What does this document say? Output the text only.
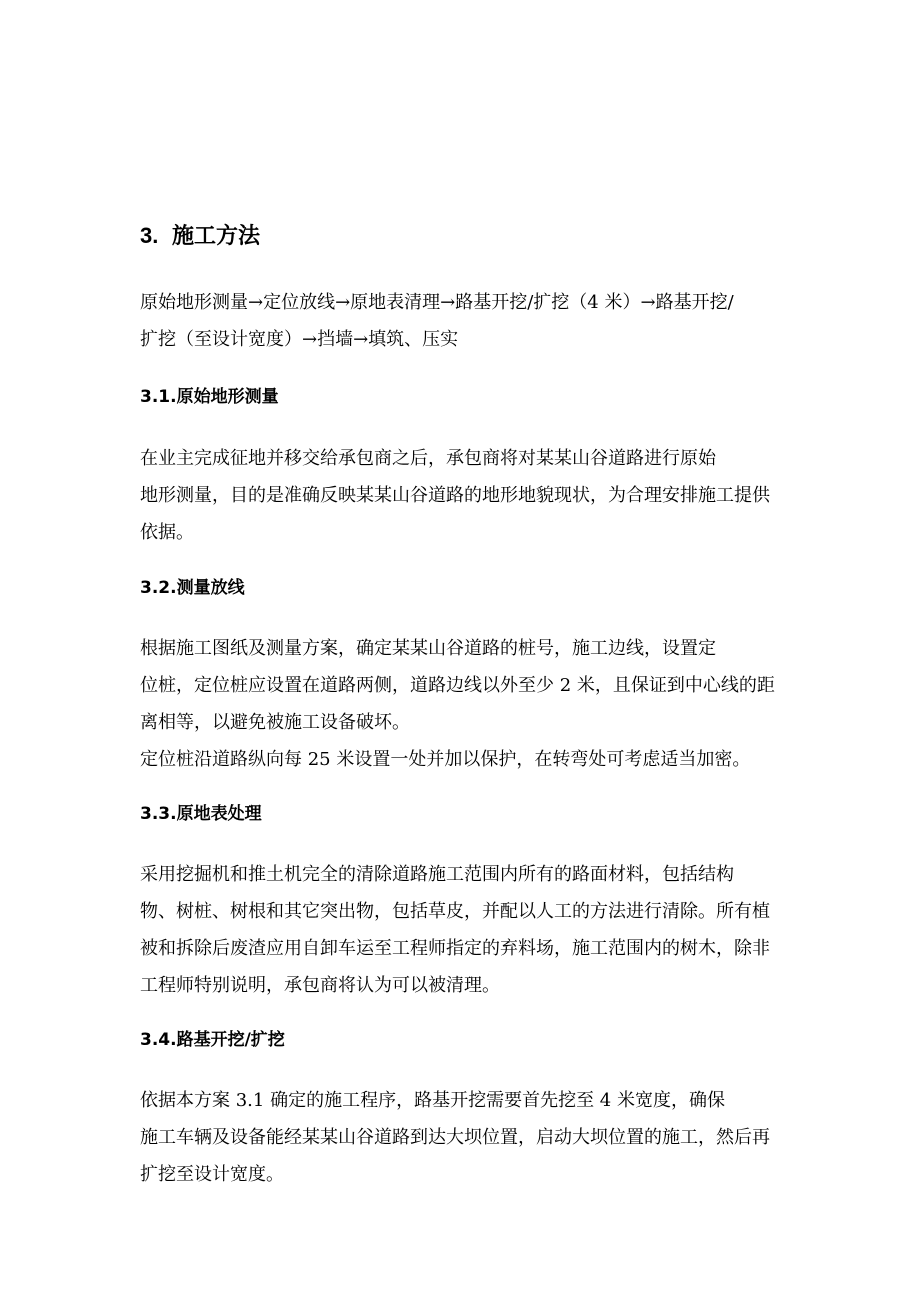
3. 施工方法
原始地形测量→定位放线→原地表清理→路基开挖/扩挖（4 米）→路基开挖/
扩挖（至设计宽度）→挡墙→填筑、压实
3.1.原始地形测量
在业主完成征地并移交给承包商之后，承包商将对某某山谷道路进行原始
地形测量，目的是准确反映某某山谷道路的地形地貌现状，为合理安排施工提供
依据。
3.2.测量放线
根据施工图纸及测量方案，确定某某山谷道路的桩号，施工边线，设置定
位桩，定位桩应设置在道路两侧，道路边线以外至少 2 米，且保证到中心线的距
离相等，以避免被施工设备破坏。
定位桩沿道路纵向每 25 米设置一处并加以保护，在转弯处可考虑适当加密。
3.3.原地表处理
采用挖掘机和推土机完全的清除道路施工范围内所有的路面材料，包括结构
物、树桩、树根和其它突出物，包括草皮，并配以人工的方法进行清除。所有植
被和拆除后废渣应用自卸车运至工程师指定的弃料场，施工范围内的树木，除非
工程师特别说明，承包商将认为可以被清理。
3.4.路基开挖/扩挖
依据本方案 3.1 确定的施工程序，路基开挖需要首先挖至 4 米宽度，确保
施工车辆及设备能经某某山谷道路到达大坝位置，启动大坝位置的施工，然后再
扩挖至设计宽度。
